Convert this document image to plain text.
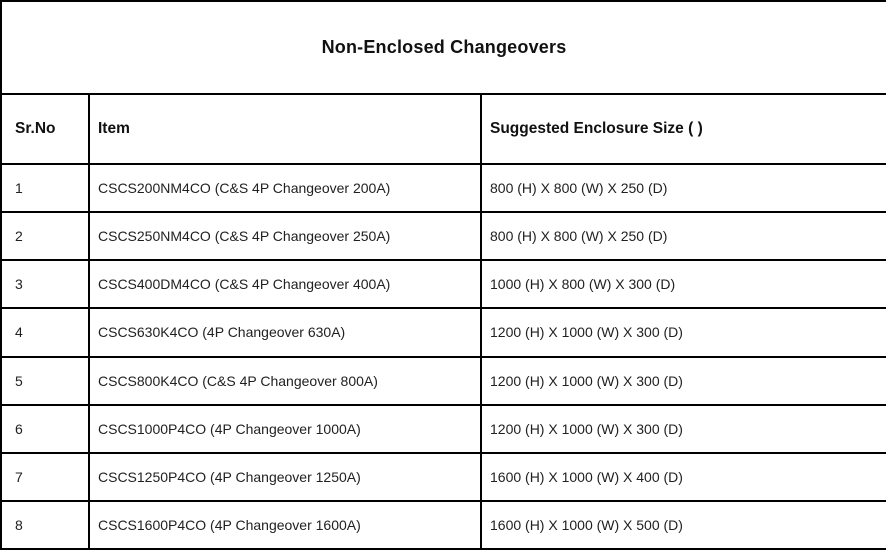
Non-Enclosed Changeovers		
Sr.No	Item	Suggested Enclosure Size ( )
1	CSCS200NM4CO (C&S 4P Changeover 200A)	800 (H) X 800 (W) X 250 (D)
2	CSCS250NM4CO (C&S 4P Changeover 250A)	800 (H) X 800 (W) X 250 (D)
3	CSCS400DM4CO (C&S 4P Changeover 400A)	1000 (H) X 800 (W) X 300 (D)
4	CSCS630K4CO (4P Changeover 630A)	1200 (H) X 1000 (W) X 300 (D)
5	CSCS800K4CO (C&S 4P Changeover 800A)	1200 (H) X 1000 (W) X 300 (D)
6	CSCS1000P4CO (4P Changeover 1000A)	1200 (H) X 1000 (W) X 300 (D)
7	CSCS1250P4CO (4P Changeover 1250A)	1600 (H) X 1000 (W) X 400 (D)
8	CSCS1600P4CO (4P Changeover 1600A)	1600 (H) X 1000 (W) X 500 (D)
